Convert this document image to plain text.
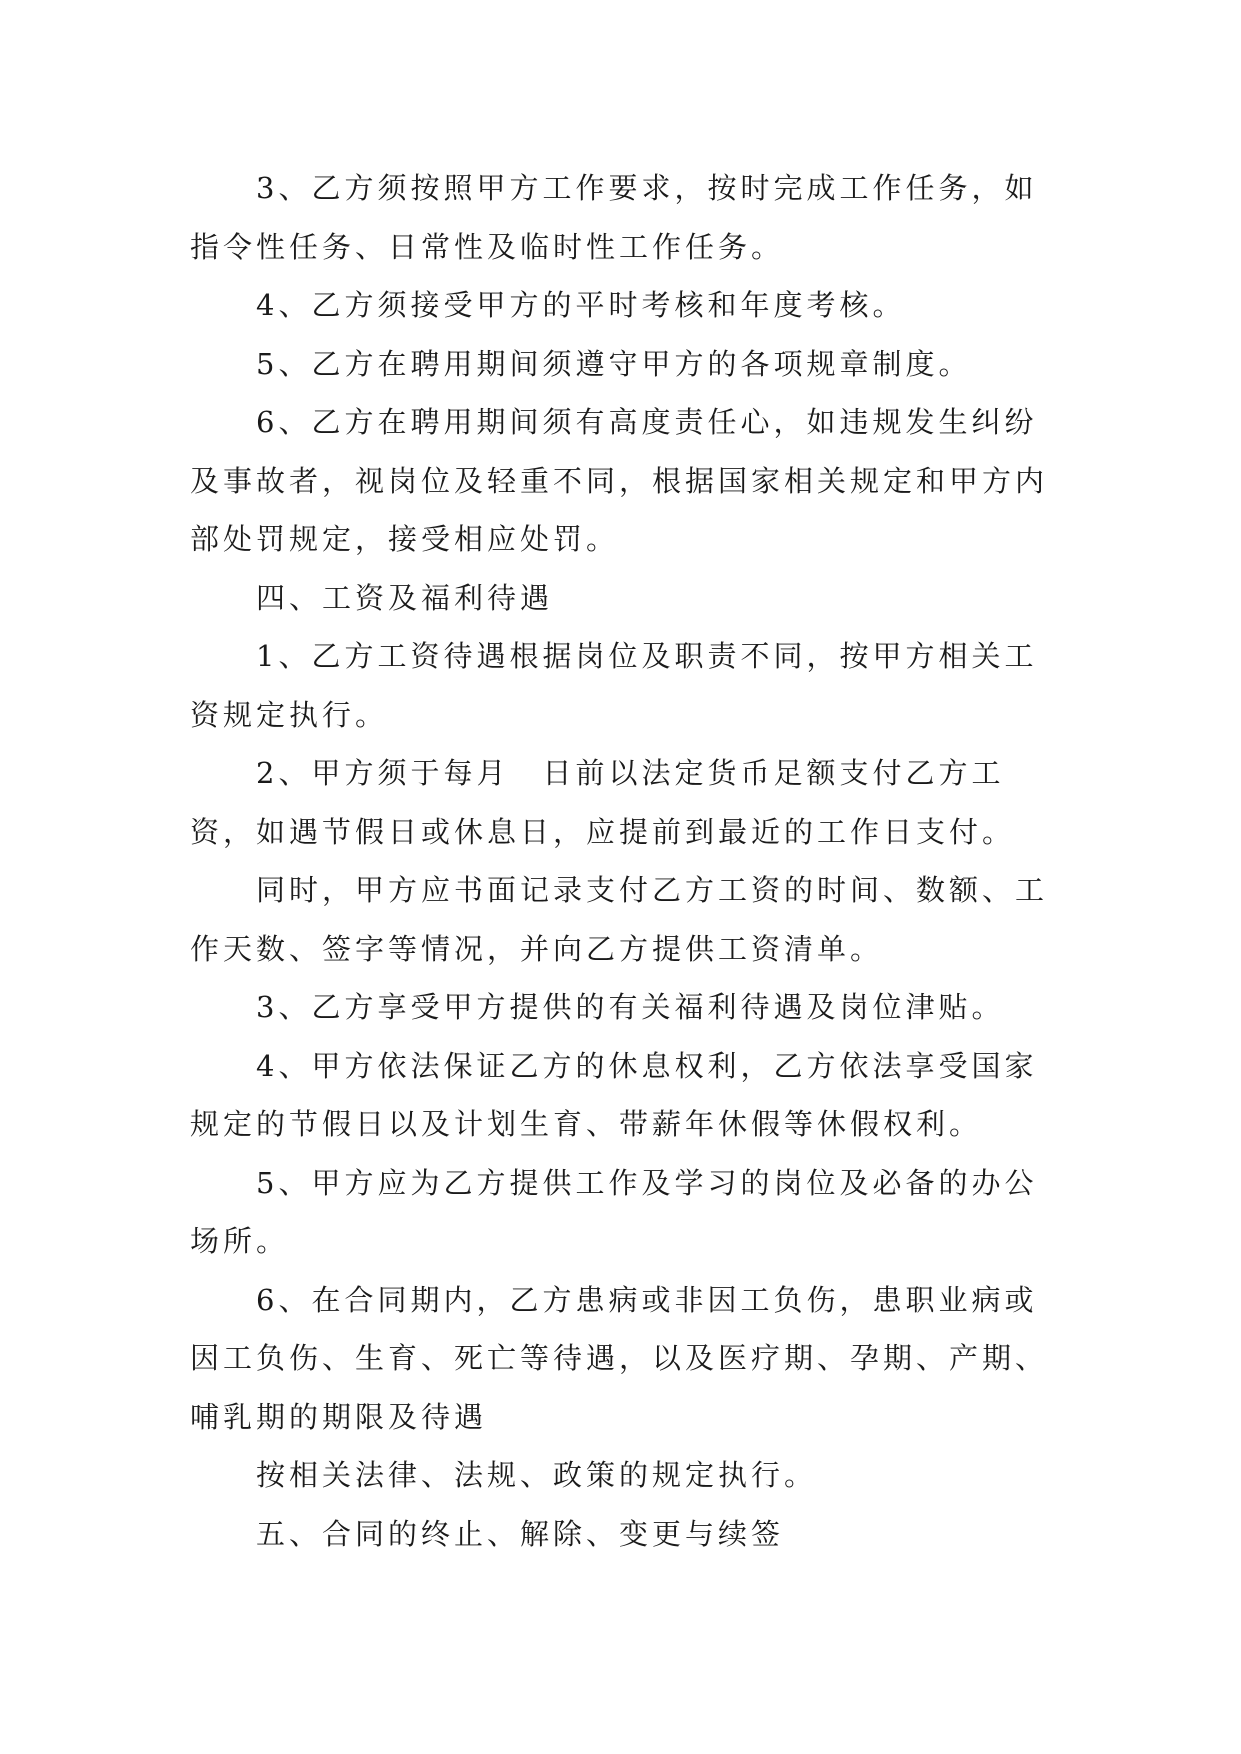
3、乙方须按照甲方工作要求，按时完成工作任务，如指令性任务、日常性及临时性工作任务。

4、乙方须接受甲方的平时考核和年度考核。

5、乙方在聘用期间须遵守甲方的各项规章制度。

6、乙方在聘用期间须有高度责任心，如违规发生纠纷及事故者，视岗位及轻重不同，根据国家相关规定和甲方内部处罚规定，接受相应处罚。

四、工资及福利待遇

1、乙方工资待遇根据岗位及职责不同，按甲方相关工资规定执行。

2、甲方须于每月　日前以法定货币足额支付乙方工资，如遇节假日或休息日，应提前到最近的工作日支付。

同时，甲方应书面记录支付乙方工资的时间、数额、工作天数、签字等情况，并向乙方提供工资清单。

3、乙方享受甲方提供的有关福利待遇及岗位津贴。

4、甲方依法保证乙方的休息权利，乙方依法享受国家规定的节假日以及计划生育、带薪年休假等休假权利。

5、甲方应为乙方提供工作及学习的岗位及必备的办公场所。

6、在合同期内，乙方患病或非因工负伤，患职业病或因工负伤、生育、死亡等待遇，以及医疗期、孕期、产期、哺乳期的期限及待遇

按相关法律、法规、政策的规定执行。

五、合同的终止、解除、变更与续签
